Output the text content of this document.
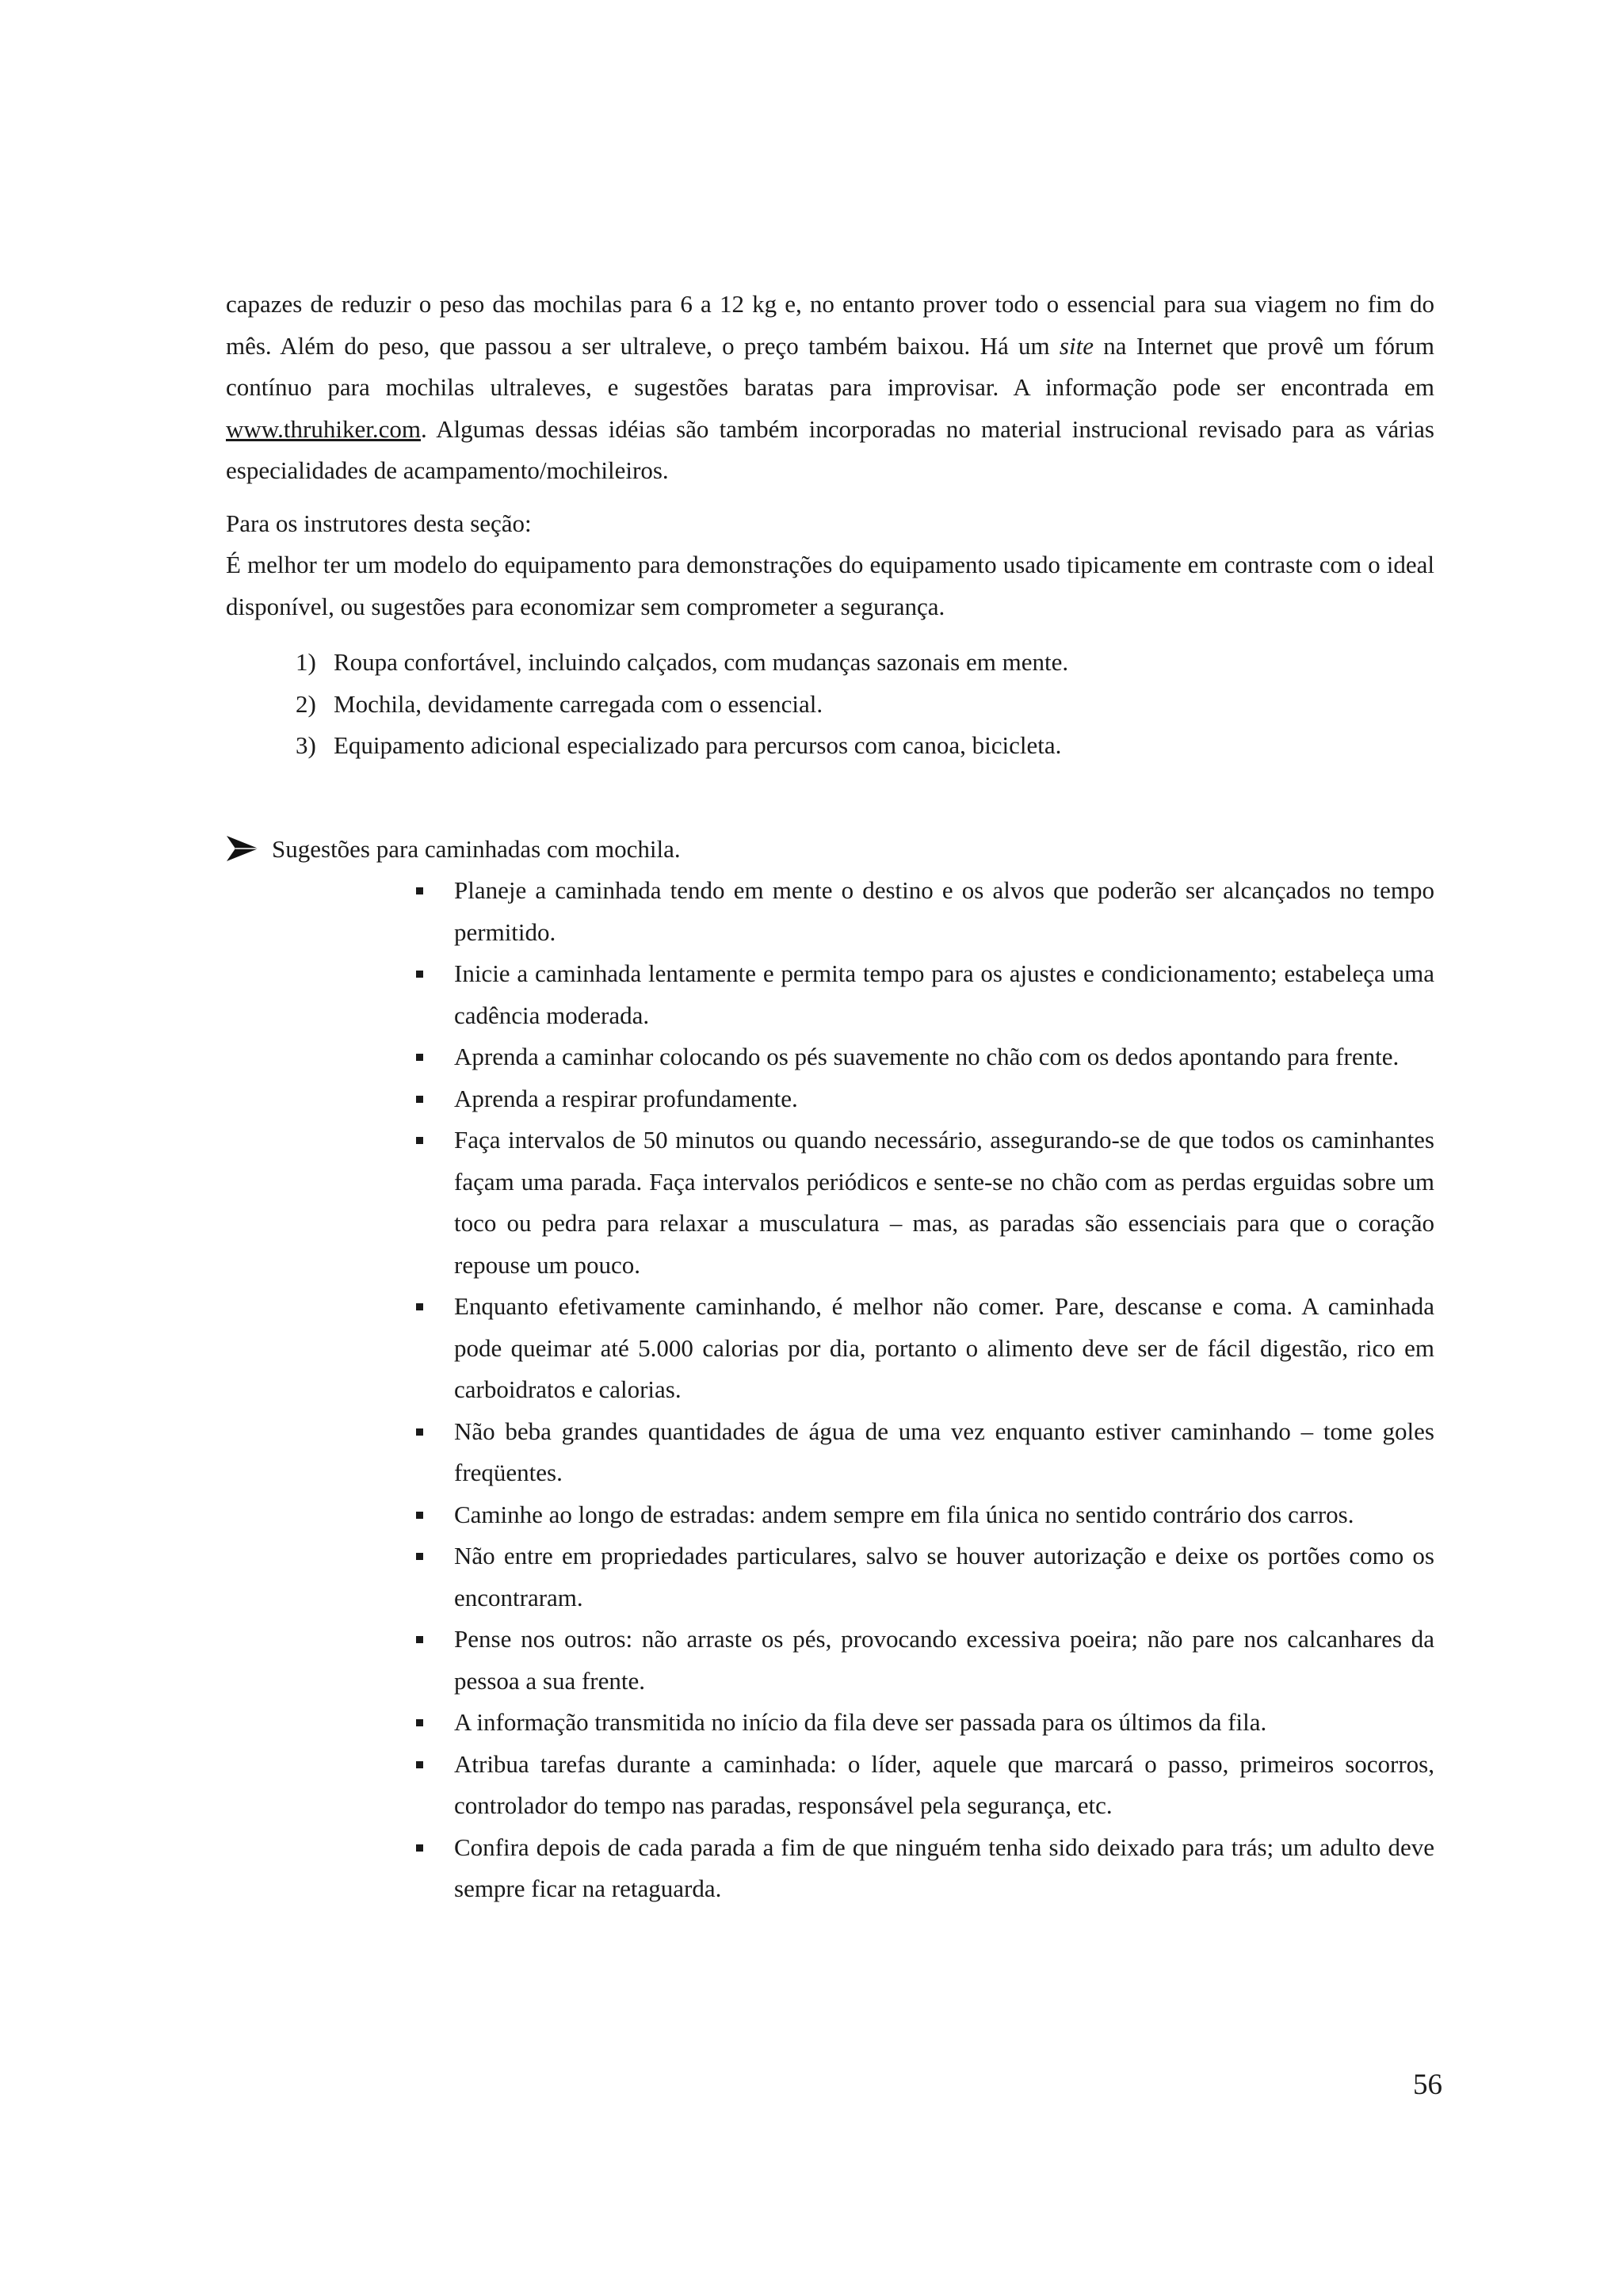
capazes de reduzir o peso das mochilas para 6 a 12 kg e, no entanto prover todo o essencial para sua viagem no fim do mês. Além do peso, que passou a ser ultraleve, o preço também baixou. Há um site na Internet que provê um fórum contínuo para mochilas ultraleves, e sugestões baratas para improvisar. A informação pode ser encontrada em www.thruhiker.com. Algumas dessas idéias são também incorporadas no material instrucional revisado para as várias especialidades de acampamento/mochileiros.

Para os instrutores desta seção:
É melhor ter um modelo do equipamento para demonstrações do equipamento usado tipicamente em contraste com o ideal disponível, ou sugestões para economizar sem comprometer a segurança.

1) Roupa confortável, incluindo calçados, com mudanças sazonais em mente.
2) Mochila, devidamente carregada com o essencial.
3) Equipamento adicional especializado para percursos com canoa, bicicleta.
Sugestões para caminhadas com mochila.
Planeje a caminhada tendo em mente o destino e os alvos que poderão ser alcançados no tempo permitido.
Inicie a caminhada lentamente e permita tempo para os ajustes e condicionamento; estabeleça uma cadência moderada.
Aprenda a caminhar colocando os pés suavemente no chão com os dedos apontando para frente.
Aprenda a respirar profundamente.
Faça intervalos de 50 minutos ou quando necessário, assegurando-se de que todos os caminhantes façam uma parada. Faça intervalos periódicos e sente-se no chão com as perdas erguidas sobre um toco ou pedra para relaxar a musculatura – mas, as paradas são essenciais para que o coração repouse um pouco.
Enquanto efetivamente caminhando, é melhor não comer. Pare, descanse e coma. A caminhada pode queimar até 5.000 calorias por dia, portanto o alimento deve ser de fácil digestão, rico em carboidratos e calorias.
Não beba grandes quantidades de água de uma vez enquanto estiver caminhando – tome goles freqüentes.
Caminhe ao longo de estradas: andem sempre em fila única no sentido contrário dos carros.
Não entre em propriedades particulares, salvo se houver autorização e deixe os portões como os encontraram.
Pense nos outros: não arraste os pés, provocando excessiva poeira; não pare nos calcanhares da pessoa a sua frente.
A informação transmitida no início da fila deve ser passada para os últimos da fila.
Atribua tarefas durante a caminhada: o líder, aquele que marcará o passo, primeiros socorros, controlador do tempo nas paradas, responsável pela segurança, etc.
Confira depois de cada parada a fim de que ninguém tenha sido deixado para trás; um adulto deve sempre ficar na retaguarda.
56
